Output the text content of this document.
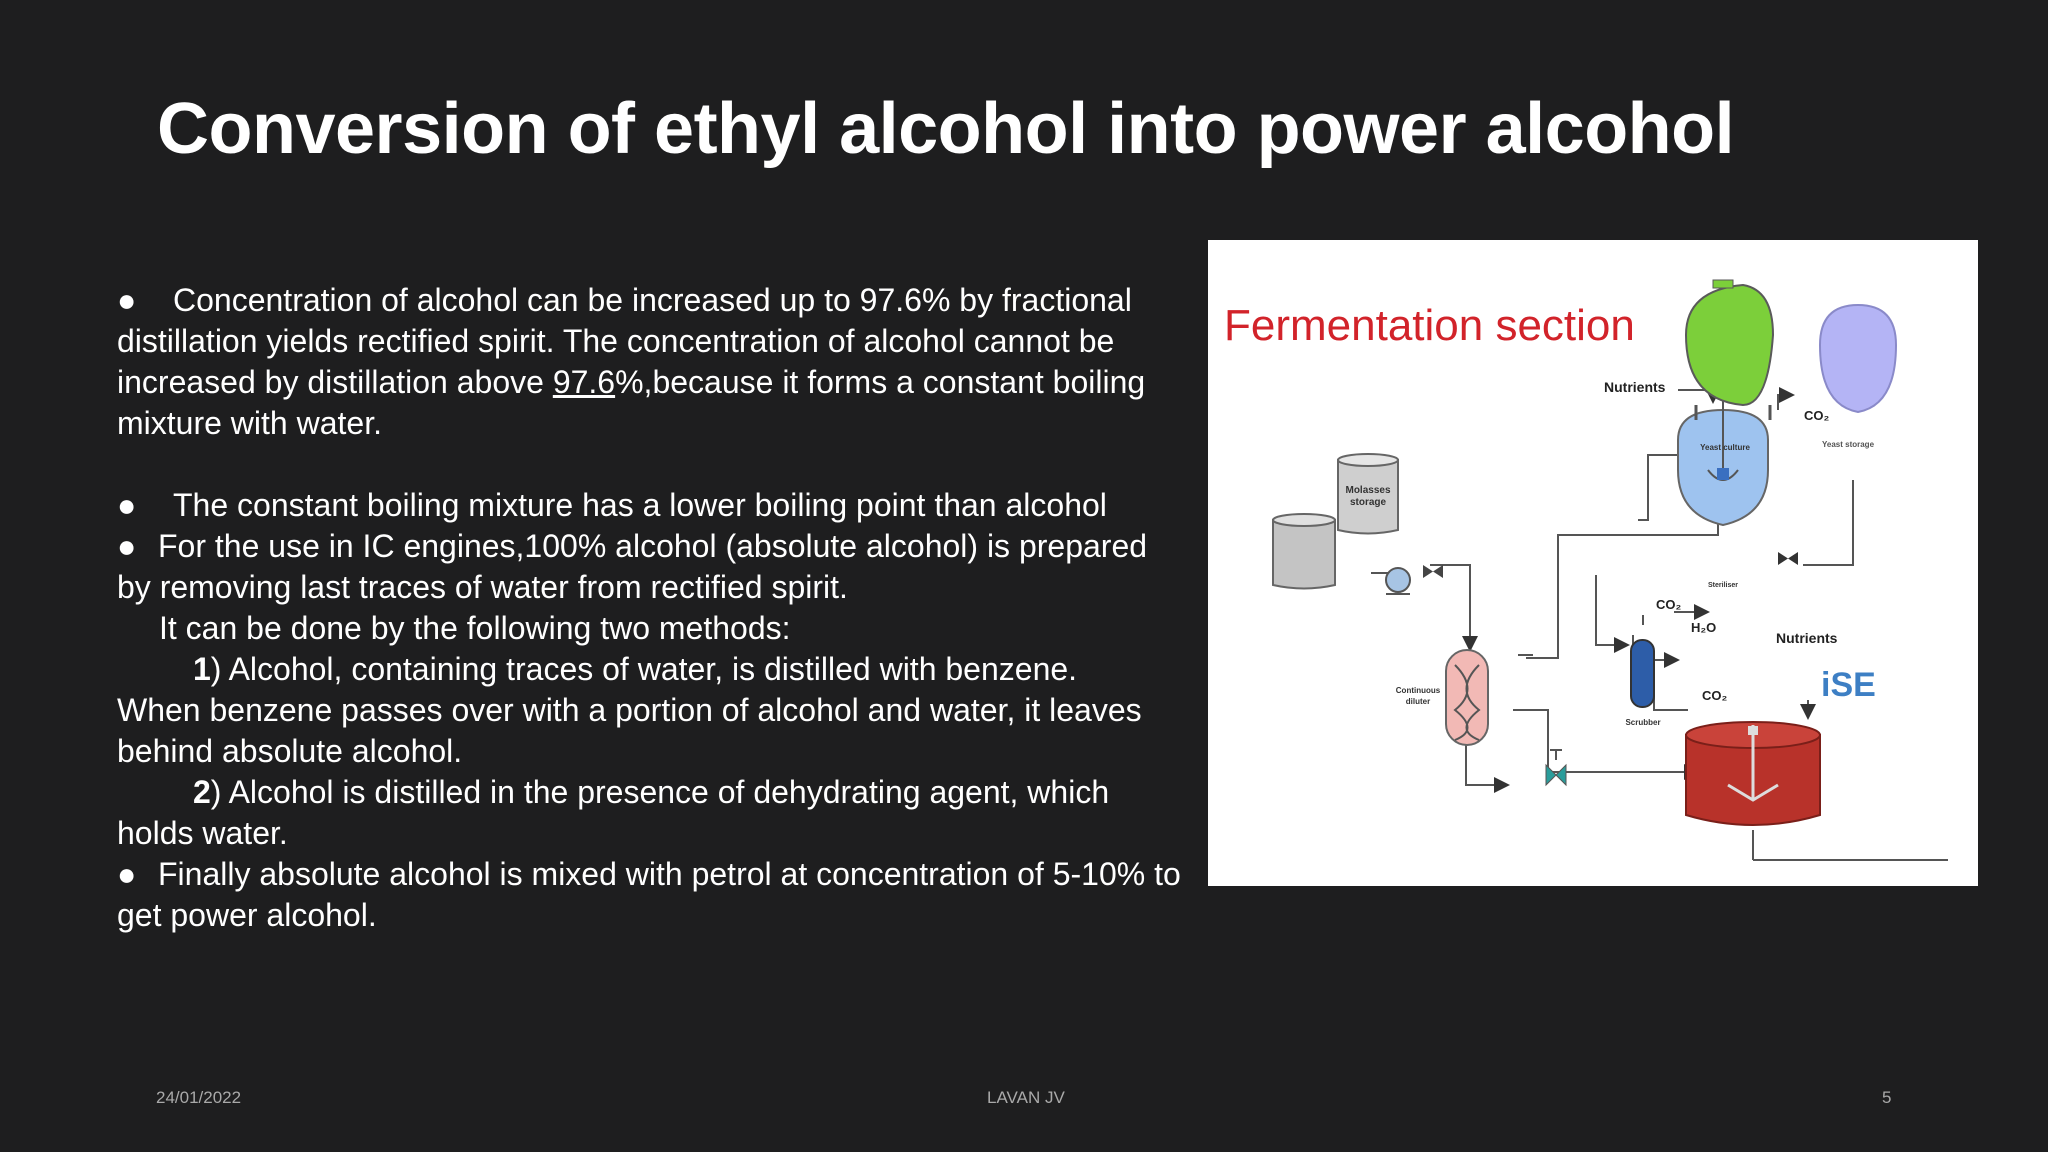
Conversion of ethyl alcohol into power alcohol

● Concentration of alcohol can be increased up to 97.6% by fractional distillation yields rectified spirit. The concentration of alcohol cannot be increased by distillation above 97.6%,because it forms a constant boiling mixture with water.

● The constant boiling mixture has a lower boiling point than alcohol

● For the use in IC engines,100% alcohol (absolute alcohol) is prepared by removing last traces of water from rectified spirit.

It can be done by the following two methods:

1) Alcohol, containing traces of water, is distilled with benzene.

When benzene passes over with a portion of alcohol and water, it leaves behind absolute alcohol.

2) Alcohol is distilled in the presence of dehydrating agent, which

holds water.

● Finally absolute alcohol is mixed with petrol at concentration of 5-10% to get power alcohol.

Fermentation section
Molasses
storage
Steriliser
Yeast culture	Yeast storage
Nutrients
CO₂
Continuous
diluter
Scrubber
CO₂
H₂O
CO₂
Nutrients
iSE
24/01/2022	LAVAN JV	5
